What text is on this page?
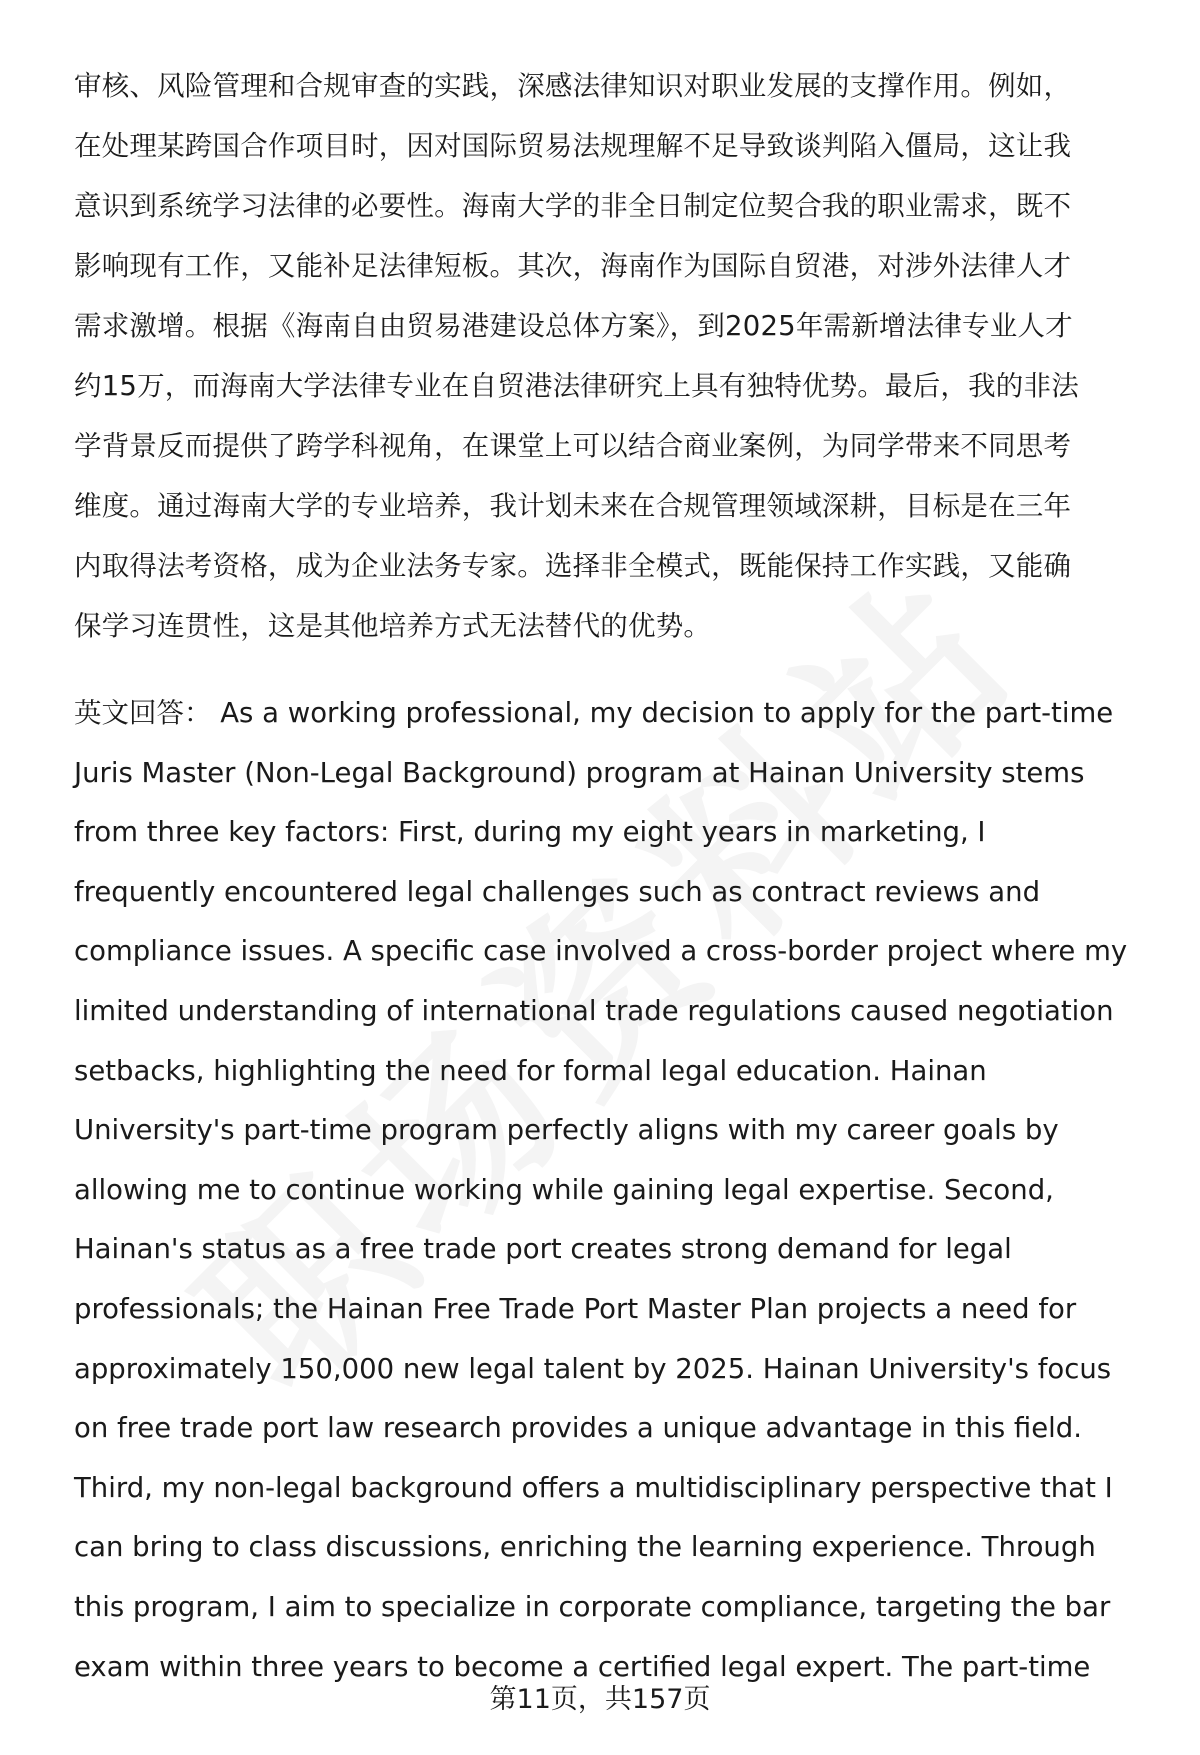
审核、风险管理和合规审查的实践，深感法律知识对职业发展的支撑作用。例如，
在处理某跨国合作项目时，因对国际贸易法规理解不足导致谈判陷入僵局，这让我
意识到系统学习法律的必要性。海南大学的非全日制定位契合我的职业需求，既不
影响现有工作，又能补足法律短板。其次，海南作为国际自贸港，对涉外法律人才
需求激增。根据《海南自由贸易港建设总体方案》，到2025年需新增法律专业人才
约15万，而海南大学法律专业在自贸港法律研究上具有独特优势。最后，我的非法
学背景反而提供了跨学科视角，在课堂上可以结合商业案例，为同学带来不同思考
维度。通过海南大学的专业培养，我计划未来在合规管理领域深耕，目标是在三年
内取得法考资格，成为企业法务专家。选择非全模式，既能保持工作实践，又能确
保学习连贯性，这是其他培养方式无法替代的优势。
英文回答： As a working professional, my decision to apply for the part-time
Juris Master (Non-Legal Background) program at Hainan University stems
from three key factors: First, during my eight years in marketing, I
frequently encountered legal challenges such as contract reviews and
compliance issues. A specific case involved a cross-border project where my
limited understanding of international trade regulations caused negotiation
setbacks, highlighting the need for formal legal education. Hainan
University's part-time program perfectly aligns with my career goals by
allowing me to continue working while gaining legal expertise. Second,
Hainan's status as a free trade port creates strong demand for legal
professionals; the Hainan Free Trade Port Master Plan projects a need for
approximately 150,000 new legal talent by 2025. Hainan University's focus
on free trade port law research provides a unique advantage in this field.
Third, my non-legal background offers a multidisciplinary perspective that I
can bring to class discussions, enriching the learning experience. Through
this program, I aim to specialize in corporate compliance, targeting the bar
exam within three years to become a certified legal expert. The part-time
第11页，共157页
